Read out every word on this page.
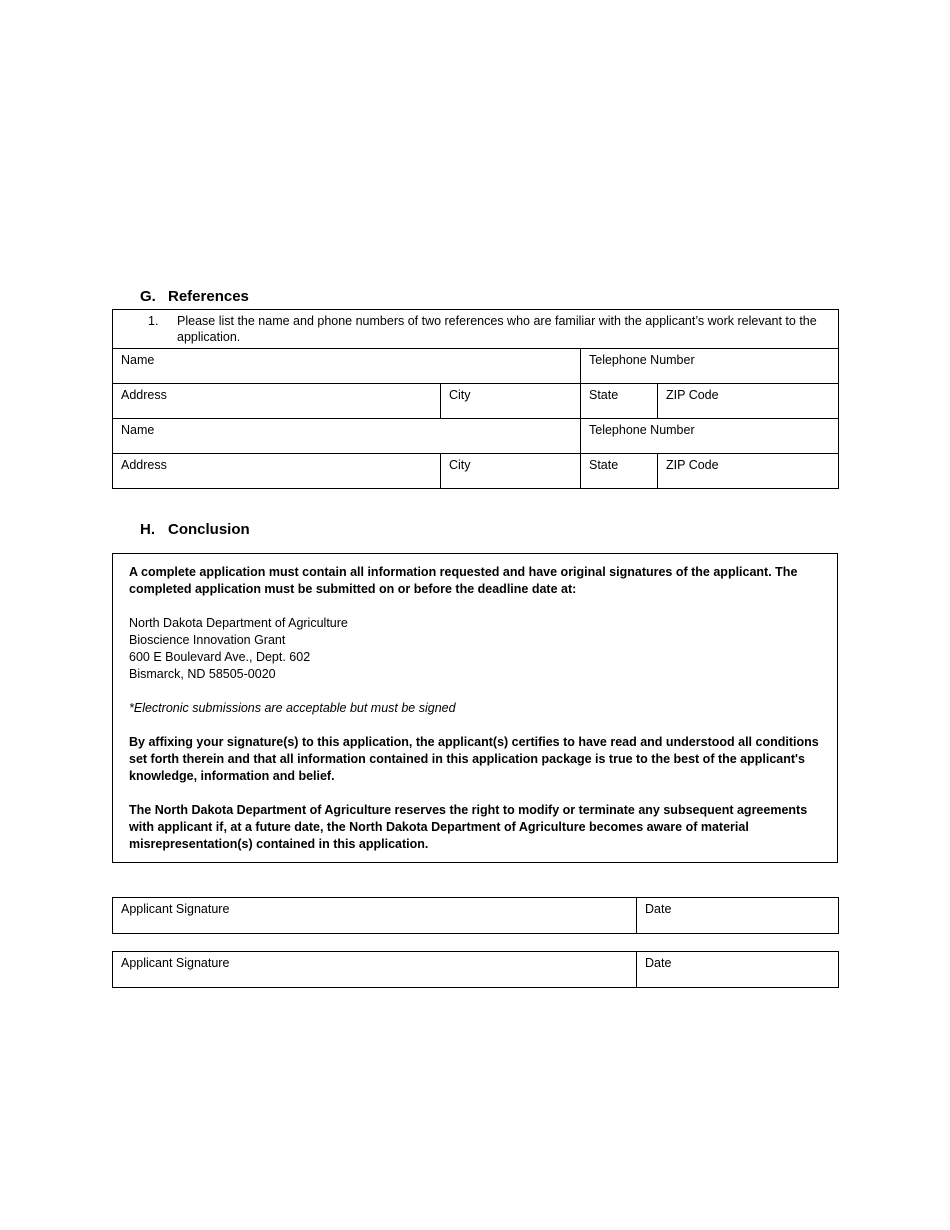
G. References
1. Please list the name and phone numbers of two references who are familiar with the applicant’s work relevant to the application.			
Name		Telephone Number	
Address	City	State	ZIP Code
Name		Telephone Number	
Address	City	State	ZIP Code
H. Conclusion

A complete application must contain all information requested and have original signatures of the applicant. The completed application must be submitted on or before the deadline date at:

North Dakota Department of Agriculture

Bioscience Innovation Grant

600 E Boulevard Ave., Dept. 602

Bismarck, ND 58505-0020

*Electronic submissions are acceptable but must be signed

By affixing your signature(s) to this application, the applicant(s) certifies to have read and understood all conditions set forth therein and that all information contained in this application package is true to the best of the applicant's knowledge, information and belief.

The North Dakota Department of Agriculture reserves the right to modify or terminate any subsequent agreements with applicant if, at a future date, the North Dakota Department of Agriculture becomes aware of material misrepresentation(s) contained in this application.

Applicant Signature	Date
Applicant Signature	Date
